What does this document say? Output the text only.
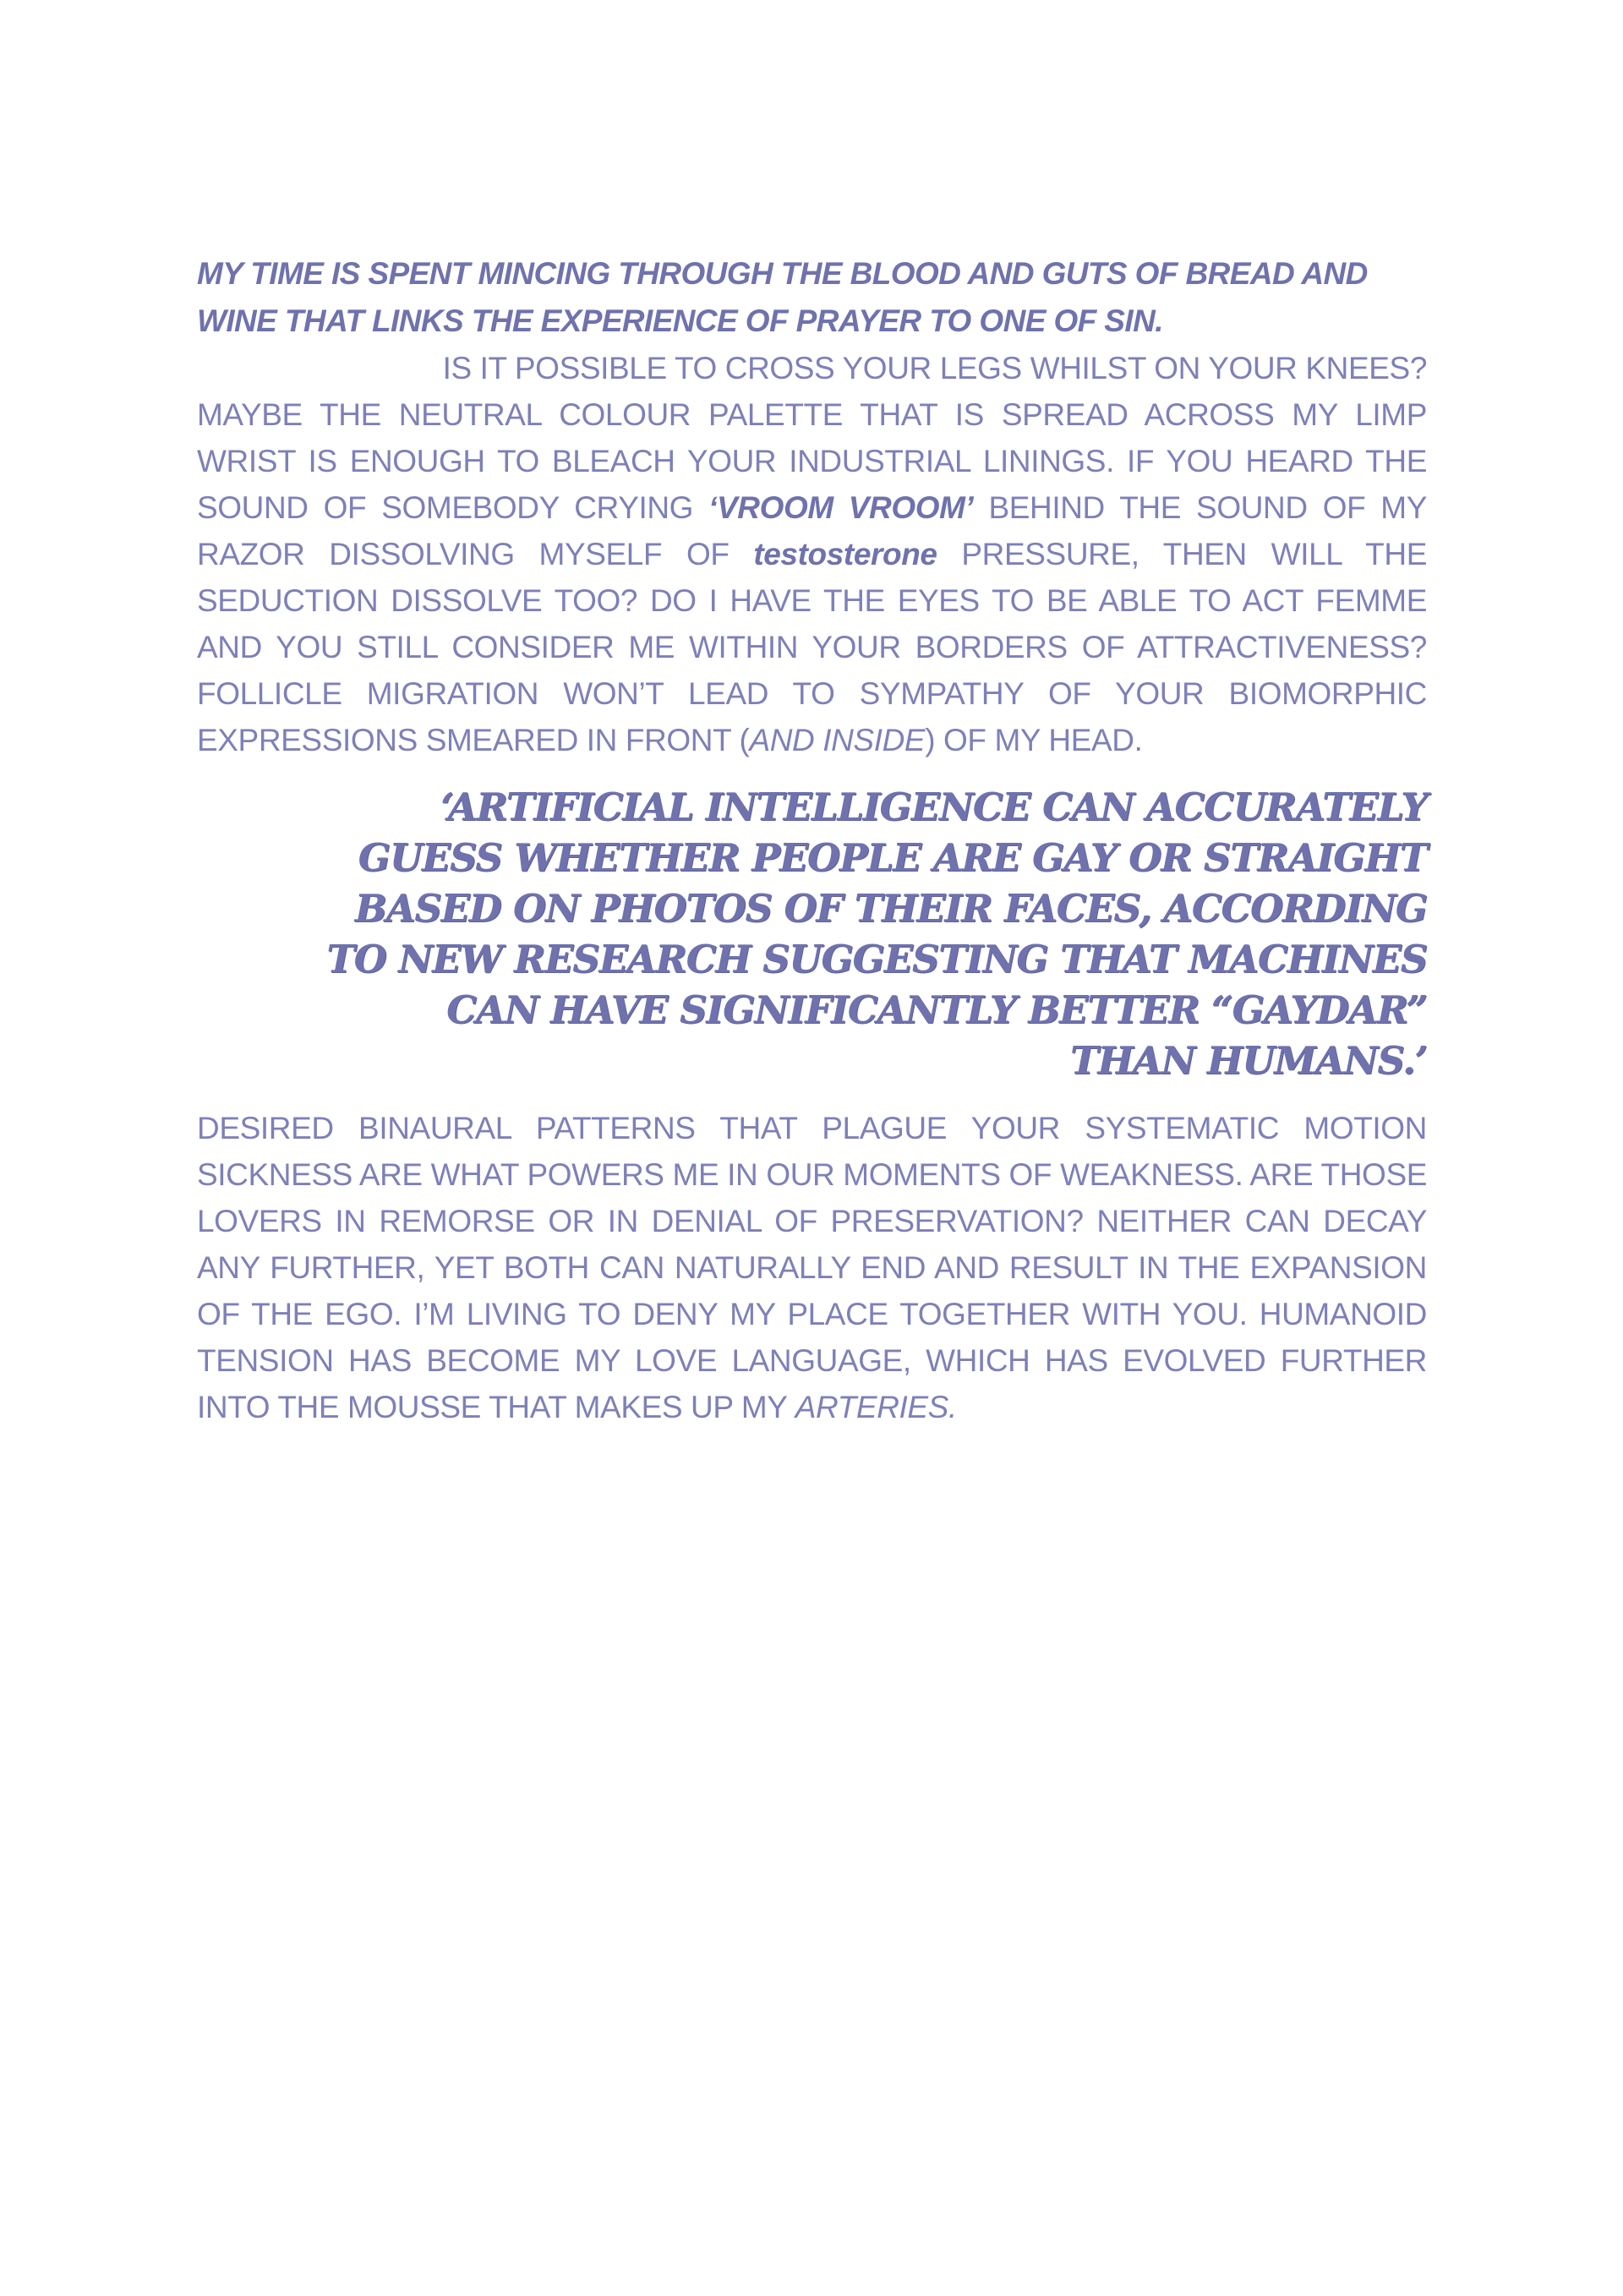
MY TIME IS SPENT MINCING THROUGH THE BLOOD AND GUTS OF BREAD AND WINE THAT LINKS THE EXPERIENCE OF PRAYER TO ONE OF SIN.

IS IT POSSIBLE TO CROSS YOUR LEGS WHILST ON YOUR KNEES?
MAYBE THE NEUTRAL COLOUR PALETTE THAT IS SPREAD ACROSS MY LIMP WRIST IS ENOUGH TO BLEACH YOUR INDUSTRIAL LININGS. IF YOU HEARD THE SOUND OF SOMEBODY CRYING ‘VROOM VROOM’ BEHIND THE SOUND OF MY RAZOR DISSOLVING MYSELF OF testosterone PRESSURE, THEN WILL THE SEDUCTION DISSOLVE TOO? DO I HAVE THE EYES TO BE ABLE TO ACT FEMME AND YOU STILL CONSIDER ME WITHIN YOUR BORDERS OF ATTRACTIVENESS? FOLLICLE MIGRATION WON’T LEAD TO SYMPATHY OF YOUR BIOMORPHIC EXPRESSIONS SMEARED IN FRONT (AND INSIDE) OF MY HEAD.

‘ARTIFICIAL INTELLIGENCE CAN ACCURATELY
GUESS WHETHER PEOPLE ARE GAY OR STRAIGHT
BASED ON PHOTOS OF THEIR FACES, ACCORDING
TO NEW RESEARCH SUGGESTING THAT MACHINES
CAN HAVE SIGNIFICANTLY BETTER “GAYDAR”
THAN HUMANS.’

DESIRED BINAURAL PATTERNS THAT PLAGUE YOUR SYSTEMATIC MOTION SICKNESS ARE WHAT POWERS ME IN OUR MOMENTS OF WEAKNESS. ARE THOSE LOVERS IN REMORSE OR IN DENIAL OF PRESERVATION? NEITHER CAN DECAY ANY FURTHER, YET BOTH CAN NATURALLY END AND RESULT IN THE EXPANSION OF THE EGO. I’M LIVING TO DENY MY PLACE TOGETHER WITH YOU. HUMANOID TENSION HAS BECOME MY LOVE LANGUAGE, WHICH HAS EVOLVED FURTHER INTO THE MOUSSE THAT MAKES UP MY ARTERIES.
